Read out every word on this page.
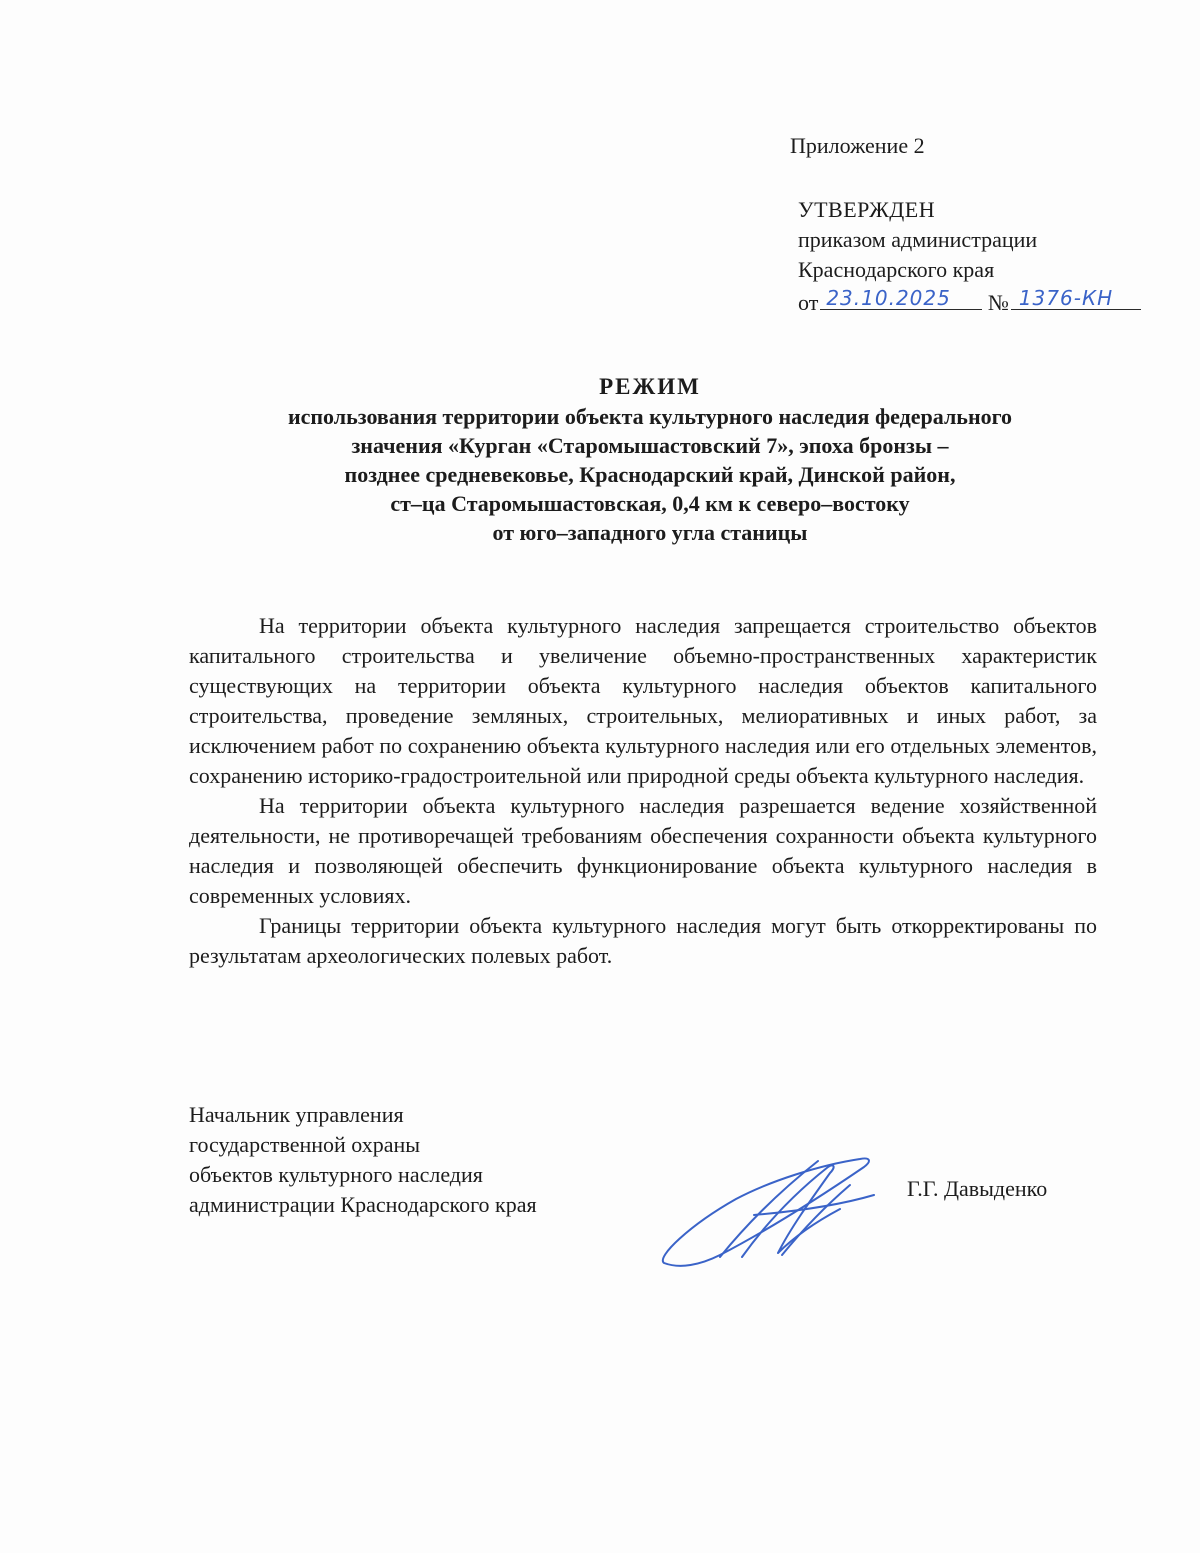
Приложение 2
УТВЕРЖДЕН
приказом администрации
Краснодарского края
от 23.10.2025 № 1376-КН
РЕЖИМ
использования территории объекта культурного наследия федерального
значения «Курган «Старомышастовский 7», эпоха бронзы –
позднее средневековье, Краснодарский край, Динской район,
ст–ца Старомышастовская, 0,4 км к северо–востоку
от юго–западного угла станицы

На территории объекта культурного наследия запрещается строительство объектов капитального строительства и увеличение объемно-пространственных характеристик существующих на территории объекта культурного наследия объектов капитального строительства, проведение земляных, строительных, мелиоративных и иных работ, за исключением работ по сохранению объекта культурного наследия или его отдельных элементов, сохранению историко-градостроительной или природной среды объекта культурного наследия.

На территории объекта культурного наследия разрешается ведение хозяйственной деятельности, не противоречащей требованиям обеспечения сохранности объекта культурного наследия и позволяющей обеспечить функционирование объекта культурного наследия в современных условиях.

Границы территории объекта культурного наследия могут быть откорректированы по результатам археологических полевых работ.

Начальник управления
государственной охраны
объектов культурного наследия
администрации Краснодарского края
Г.Г. Давыденко
